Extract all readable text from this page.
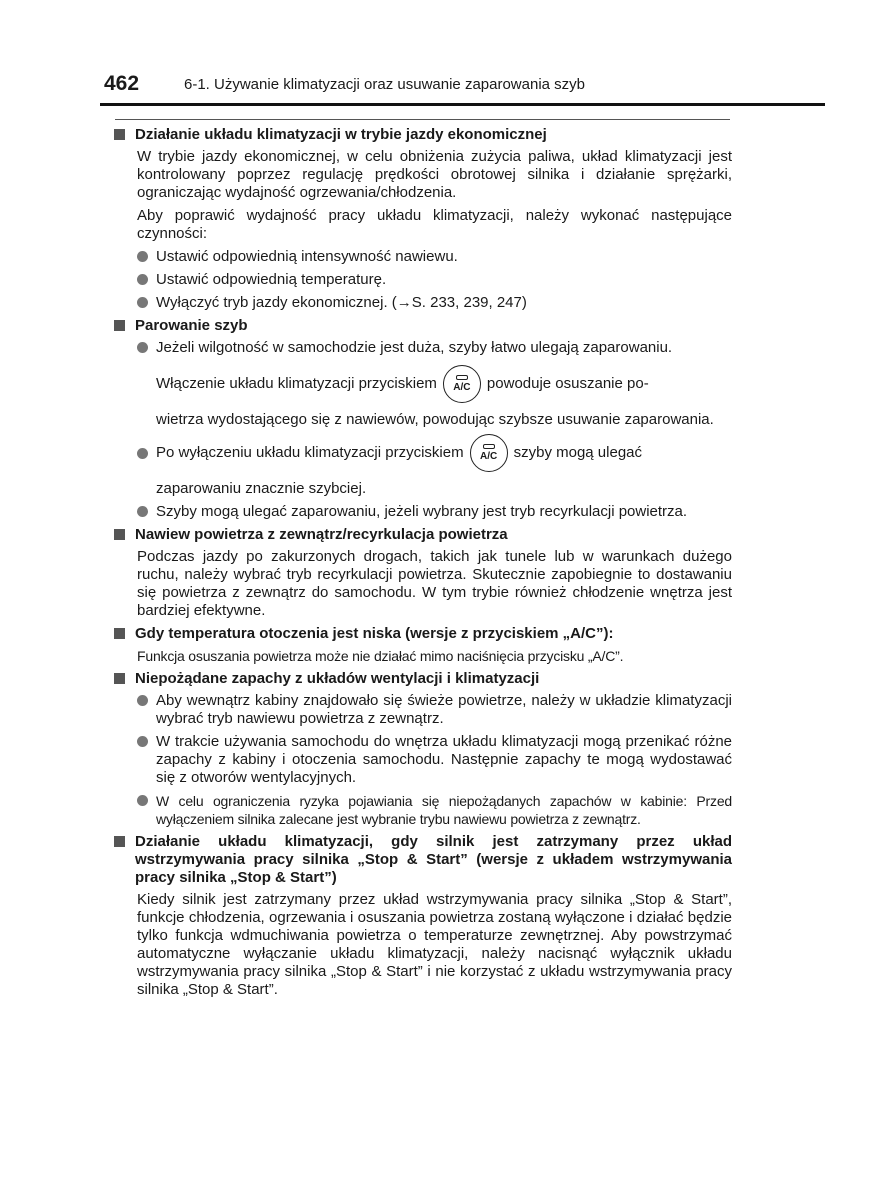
462	6-1. Używanie klimatyzacji oraz usuwanie zaparowania szyb
Działanie układu klimatyzacji w trybie jazdy ekonomicznej
W trybie jazdy ekonomicznej, w celu obniżenia zużycia paliwa, układ klimatyzacji jest kontrolowany poprzez regulację prędkości obrotowej silnika i działanie sprężarki, ograniczając wydajność ogrzewania/chłodzenia.
Aby poprawić wydajność pracy układu klimatyzacji, należy wykonać następujące czynności:
Ustawić odpowiednią intensywność nawiewu.
Ustawić odpowiednią temperaturę.
Wyłączyć tryb jazdy ekonomicznej. (→S. 233, 239, 247)
Parowanie szyb

Jeżeli wilgotność w samochodzie jest duża, szyby łatwo ulegają zaparowaniu.

Włączenie układu klimatyzacji przyciskiem A/C powoduje osuszanie po-

wietrza wydostającego się z nawiewów, powodując szybsze usuwanie zaparowania.

Po wyłączeniu układu klimatyzacji przyciskiem A/C szyby mogą ulegać

zaparowaniu znacznie szybciej.

Szyby mogą ulegać zaparowaniu, jeżeli wybrany jest tryb recyrkulacji powietrza.
Nawiew powietrza z zewnątrz/recyrkulacja powietrza
Podczas jazdy po zakurzonych drogach, takich jak tunele lub w warunkach dużego ruchu, należy wybrać tryb recyrkulacji powietrza. Skutecznie zapobiegnie to dostawaniu się powietrza z zewnątrz do samochodu. W tym trybie również chłodzenie wnętrza jest bardziej efektywne.
Gdy temperatura otoczenia jest niska (wersje z przyciskiem „A/C”):
Funkcja osuszania powietrza może nie działać mimo naciśnięcia przycisku „A/C”.
Niepożądane zapachy z układów wentylacji i klimatyzacji
Aby wewnątrz kabiny znajdowało się świeże powietrze, należy w układzie klimatyzacji wybrać tryb nawiewu powietrza z zewnątrz.
W trakcie używania samochodu do wnętrza układu klimatyzacji mogą przenikać różne zapachy z kabiny i otoczenia samochodu. Następnie zapachy te mogą wydostawać się z otworów wentylacyjnych.
W celu ograniczenia ryzyka pojawiania się niepożądanych zapachów w kabinie: Przed wyłączeniem silnika zalecane jest wybranie trybu nawiewu powietrza z zewnątrz.
Działanie układu klimatyzacji, gdy silnik jest zatrzymany przez układ wstrzymywania pracy silnika „Stop & Start” (wersje z układem wstrzymywania pracy silnika „Stop & Start”)
Kiedy silnik jest zatrzymany przez układ wstrzymywania pracy silnika „Stop & Start”, funkcje chłodzenia, ogrzewania i osuszania powietrza zostaną wyłączone i działać będzie tylko funkcja wdmuchiwania powietrza o temperaturze zewnętrznej. Aby powstrzymać automatyczne wyłączanie układu klimatyzacji, należy nacisnąć wyłącznik układu wstrzymywania pracy silnika „Stop & Start” i nie korzystać z układu wstrzymywania pracy silnika „Stop & Start”.
